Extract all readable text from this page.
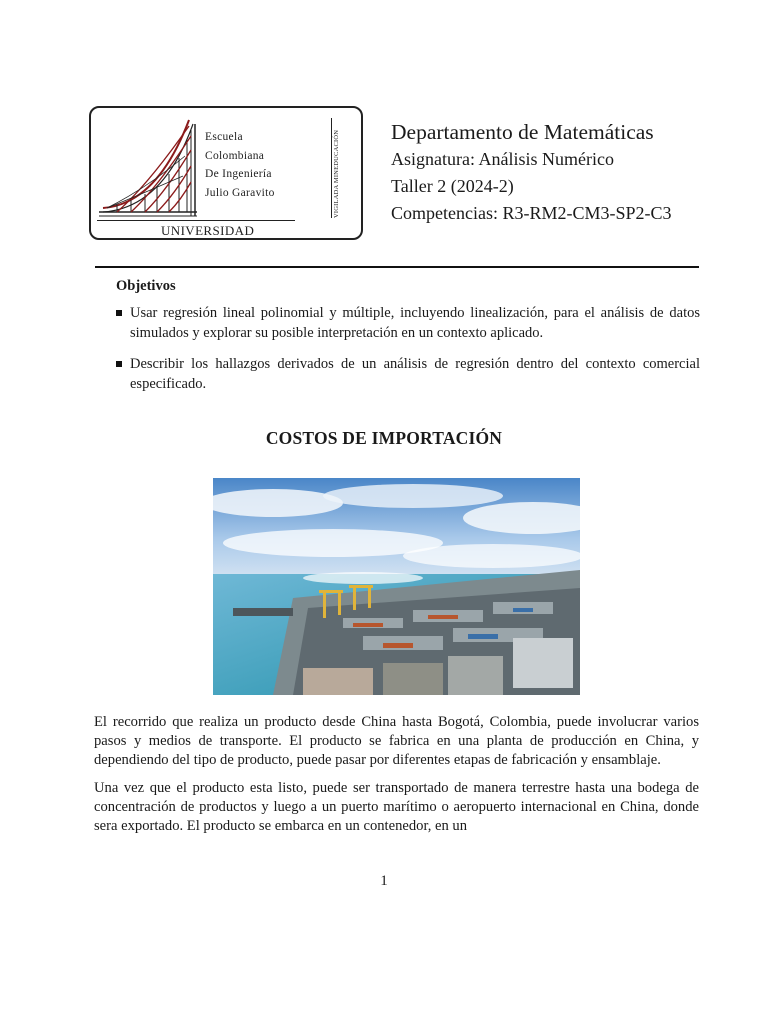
Escuela
Colombiana
De Ingeniería
Julio Garavito
UNIVERSIDAD
VIGILADA MINEDUCACIÓN Departamento de Matemáticas
Asignatura: Análisis Numérico
Taller 2 (2024-2)
Competencias: R3-RM2-CM3-SP2-C3
Objetivos
Usar regresión lineal polinomial y múltiple, incluyendo linealización, para el análisis de datos simulados y explorar su posible interpretación en un contexto aplicado.
Describir los hallazgos derivados de un análisis de regresión dentro del contexto comercial especificado.
COSTOS DE IMPORTACIÓN

El recorrido que realiza un producto desde China hasta Bogotá, Colombia, puede involucrar varios pasos y medios de transporte. El producto se fabrica en una planta de producción en China, y dependiendo del tipo de producto, puede pasar por diferentes etapas de fabricación y ensamblaje.

Una vez que el producto esta listo, puede ser transportado de manera terrestre hasta una bodega de concentración de productos y luego a un puerto marítimo o aeropuerto internacional en China, donde sera exportado. El producto se embarca en un contenedor, en un

1
